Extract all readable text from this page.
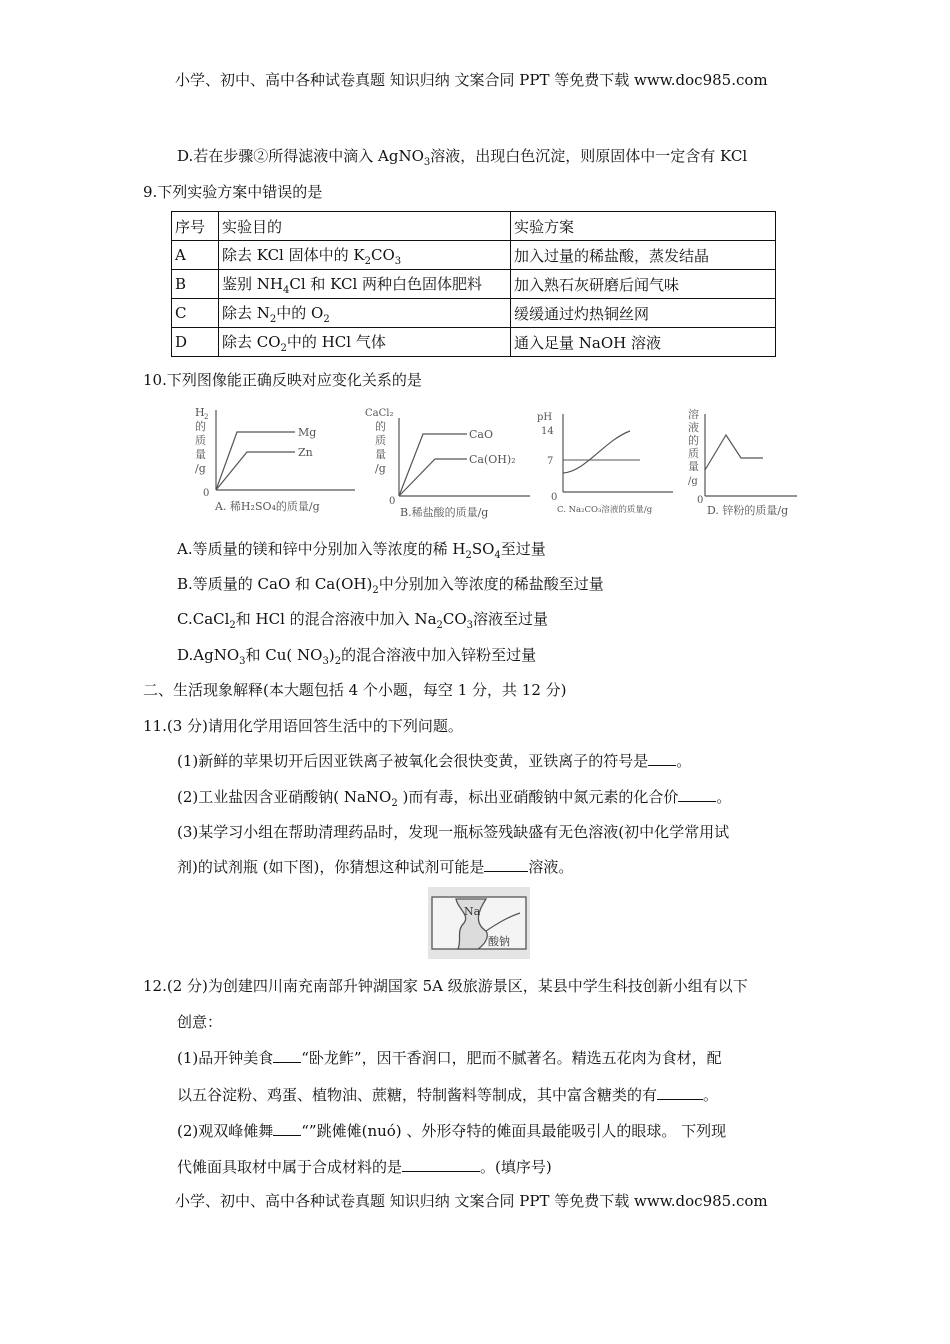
小学、初中、高中各种试卷真题 知识归纳 文案合同 PPT 等免费下载 www.doc985.com
D.若在步骤②所得滤液中滴入 AgNO$_3$溶液，出现白色沉淀，则原固体中一定含有 KCl
9.下列实验方案中错误的是
序号	实验目的	实验方案
A	除去 KCl 固体中的 $K_2CO_3$	加入过量的稀盐酸，蒸发结晶
B	鉴别 $NH_4Cl$ 和 KCl 两种白色固体肥料	加入熟石灰研磨后闻气味
C	除去 $N_2$中的 $O_2$	缓缓通过灼热铜丝网
D	除去 $CO_2$中的 HCl 气体	通入足量 NaOH 溶液
10.下列图像能正确反映对应变化关系的是
H 2
的
质
量
/g
Mg
Zn
0
A. 稀H₂SO₄的质量/g
CaCl₂
的
质
量
/g
CaO
Ca(OH)₂
0
B.稀盐酸的质量/g
pH
14
7
0
C. Na₂CO₃溶液的质量/g
溶
液
的
质
量
/g
0
D. 锌粉的质量/g
A.等质量的镁和锌中分别加入等浓度的稀 $H_2SO_4$至过量
B.等质量的 CaO 和 $Ca(OH)_2$中分别加入等浓度的稀盐酸至过量
C.CaCl$_2$和 HCl 的混合溶液中加入 $Na_2CO_3$溶液至过量
D.AgNO$_3$和 Cu( $NO_3)_2$的混合溶液中加入锌粉至过量
二、生活现象解释(本大题包括 4 个小题，每空 1 分，共 12 分)
11.(3 分)请用化学用语回答生活中的下列问题。
(1)新鲜的苹果切开后因亚铁离子被氧化会很快变黄，亚铁离子的符号是 。
(2)工业盐因含亚硝酸钠( NaNO$_2$ )而有毒，标出亚硝酸钠中氮元素的化合价	。
(3)某学习小组在帮助清理药品时，发现一瓶标签残缺盛有无色溶液(初中化学常用试
剂)的试剂瓶 (如下图)，你猜想这种试剂可能是	溶液。
Na
酸钠
12.(2 分)为创建四川南充南部升钟湖国家 5A 级旅游景区，某县中学生科技创新小组有以下
创意：
(1)品开钟美食 “卧龙鲊”，因干香润口，肥而不腻著名。精选五花肉为食材，配
以五谷淀粉、鸡蛋、植物油、蔗糖，特制酱料等制成，其中富含糖类的有	。
(2)观双峰傩舞 “”跳傩傩(nuó) 、外形夺特的傩面具最能吸引人的眼球。 下列现
代傩面具取材中属于合成材料的是	。(填序号)
小学、初中、高中各种试卷真题 知识归纳 文案合同 PPT 等免费下载 www.doc985.com
